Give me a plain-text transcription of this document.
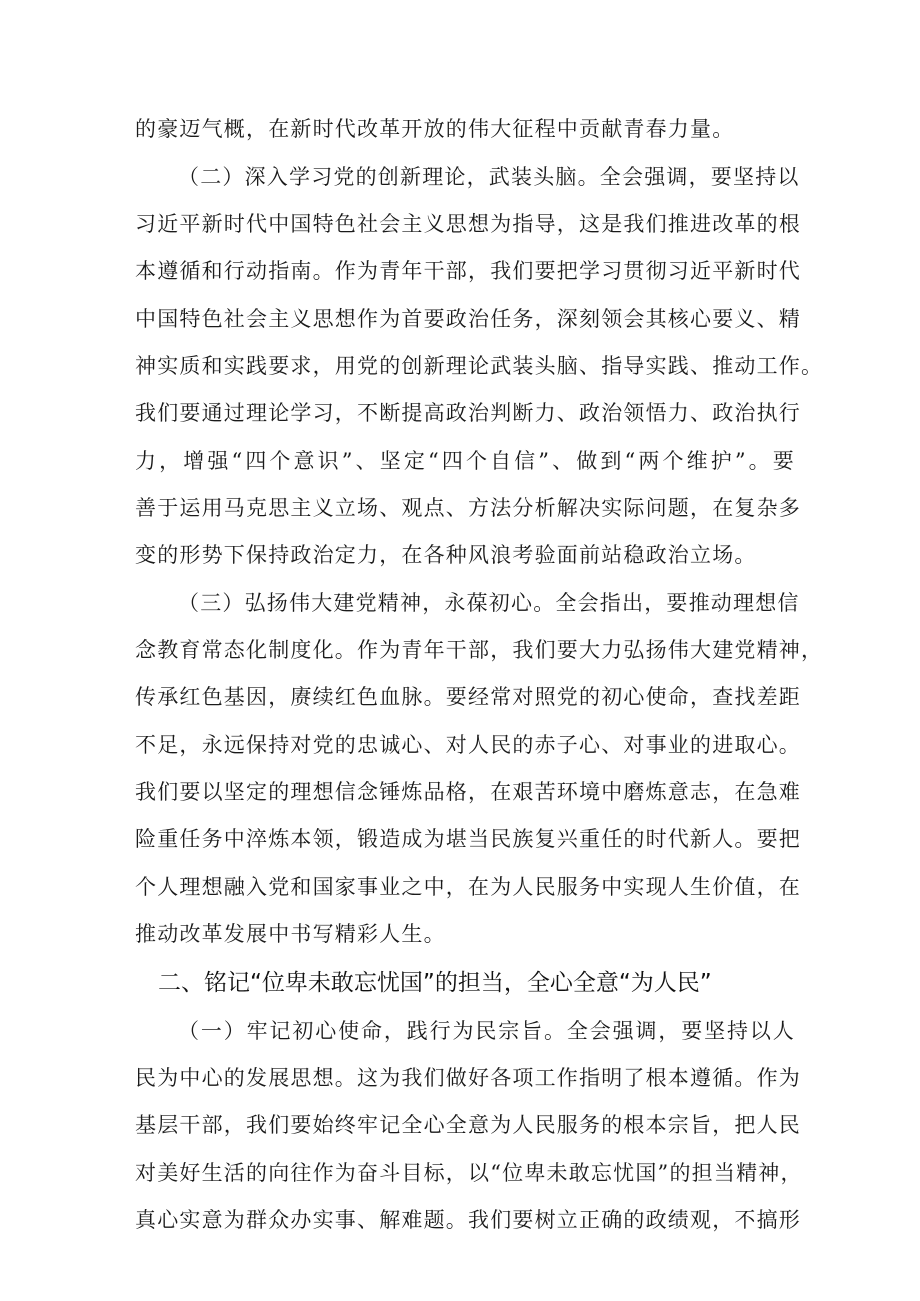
的豪迈气概，在新时代改革开放的伟大征程中贡献青春力量。
（二）深入学习党的创新理论，武装头脑。全会强调，要坚持以
习近平新时代中国特色社会主义思想为指导，这是我们推进改革的根
本遵循和行动指南。作为青年干部，我们要把学习贯彻习近平新时代
中国特色社会主义思想作为首要政治任务，深刻领会其核心要义、精
神实质和实践要求，用党的创新理论武装头脑、指导实践、推动工作。
我们要通过理论学习，不断提高政治判断力、政治领悟力、政治执行
力，增强“四个意识”、坚定“四个自信”、做到“两个维护”。要
善于运用马克思主义立场、观点、方法分析解决实际问题，在复杂多
变的形势下保持政治定力，在各种风浪考验面前站稳政治立场。
（三）弘扬伟大建党精神，永葆初心。全会指出，要推动理想信
念教育常态化制度化。作为青年干部，我们要大力弘扬伟大建党精神，
传承红色基因，赓续红色血脉。要经常对照党的初心使命，查找差距
不足，永远保持对党的忠诚心、对人民的赤子心、对事业的进取心。
我们要以坚定的理想信念锤炼品格，在艰苦环境中磨炼意志，在急难
险重任务中淬炼本领，锻造成为堪当民族复兴重任的时代新人。要把
个人理想融入党和国家事业之中，在为人民服务中实现人生价值，在
推动改革发展中书写精彩人生。
二、铭记“位卑未敢忘忧国”的担当，全心全意“为人民”
（一）牢记初心使命，践行为民宗旨。全会强调，要坚持以人
民为中心的发展思想。这为我们做好各项工作指明了根本遵循。作为
基层干部，我们要始终牢记全心全意为人民服务的根本宗旨，把人民
对美好生活的向往作为奋斗目标，以“位卑未敢忘忧国”的担当精神，
真心实意为群众办实事、解难题。我们要树立正确的政绩观，不搞形
